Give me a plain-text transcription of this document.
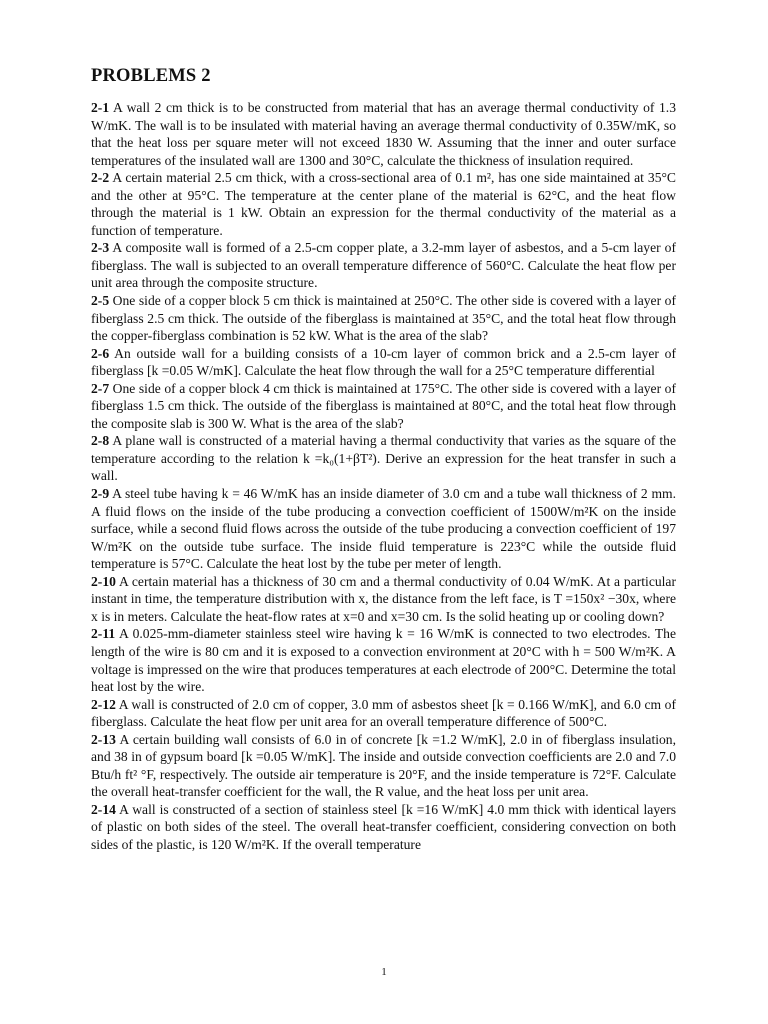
PROBLEMS 2

2-1 A wall 2 cm thick is to be constructed from material that has an average thermal conductivity of 1.3 W/mK. The wall is to be insulated with material having an average thermal conductivity of 0.35W/mK, so that the heat loss per square meter will not exceed 1830 W. Assuming that the inner and outer surface temperatures of the insulated wall are 1300 and 30°C, calculate the thickness of insulation required.

2-2 A certain material 2.5 cm thick, with a cross-sectional area of 0.1 m², has one side maintained at 35°C and the other at 95°C. The temperature at the center plane of the material is 62°C, and the heat flow through the material is 1 kW. Obtain an expression for the thermal conductivity of the material as a function of temperature.

2-3 A composite wall is formed of a 2.5-cm copper plate, a 3.2-mm layer of asbestos, and a 5-cm layer of fiberglass. The wall is subjected to an overall temperature difference of 560°C. Calculate the heat flow per unit area through the composite structure.

2-5 One side of a copper block 5 cm thick is maintained at 250°C. The other side is covered with a layer of fiberglass 2.5 cm thick. The outside of the fiberglass is maintained at 35°C, and the total heat flow through the copper-fiberglass combination is 52 kW. What is the area of the slab?

2-6 An outside wall for a building consists of a 10-cm layer of common brick and a 2.5-cm layer of fiberglass [k =0.05 W/mK]. Calculate the heat flow through the wall for a 25°C temperature differential

2-7 One side of a copper block 4 cm thick is maintained at 175°C. The other side is covered with a layer of fiberglass 1.5 cm thick. The outside of the fiberglass is maintained at 80°C, and the total heat flow through the composite slab is 300 W. What is the area of the slab?

2-8 A plane wall is constructed of a material having a thermal conductivity that varies as the square of the temperature according to the relation k =k₀(1+βT²). Derive an expression for the heat transfer in such a wall.

2-9 A steel tube having k = 46 W/mK has an inside diameter of 3.0 cm and a tube wall thickness of 2 mm. A fluid flows on the inside of the tube producing a convection coefficient of 1500W/m²K on the inside surface, while a second fluid flows across the outside of the tube producing a convection coefficient of 197 W/m²K on the outside tube surface. The inside fluid temperature is 223°C while the outside fluid temperature is 57°C. Calculate the heat lost by the tube per meter of length.

2-10 A certain material has a thickness of 30 cm and a thermal conductivity of 0.04 W/mK. At a particular instant in time, the temperature distribution with x, the distance from the left face, is T =150x² −30x, where x is in meters. Calculate the heat-flow rates at x=0 and x=30 cm. Is the solid heating up or cooling down?

2-11 A 0.025-mm-diameter stainless steel wire having k = 16 W/mK is connected to two electrodes. The length of the wire is 80 cm and it is exposed to a convection environment at 20°C with h = 500 W/m²K. A voltage is impressed on the wire that produces temperatures at each electrode of 200°C. Determine the total heat lost by the wire.

2-12 A wall is constructed of 2.0 cm of copper, 3.0 mm of asbestos sheet [k = 0.166 W/mK], and 6.0 cm of fiberglass. Calculate the heat flow per unit area for an overall temperature difference of 500°C.

2-13 A certain building wall consists of 6.0 in of concrete [k =1.2 W/mK], 2.0 in of fiberglass insulation, and 38 in of gypsum board [k =0.05 W/mK]. The inside and outside convection coefficients are 2.0 and 7.0 Btu/h ft² °F, respectively. The outside air temperature is 20°F, and the inside temperature is 72°F. Calculate the overall heat-transfer coefficient for the wall, the R value, and the heat loss per unit area.

2-14 A wall is constructed of a section of stainless steel [k =16 W/mK] 4.0 mm thick with identical layers of plastic on both sides of the steel. The overall heat-transfer coefficient, considering convection on both sides of the plastic, is 120 W/m²K. If the overall temperature

1
